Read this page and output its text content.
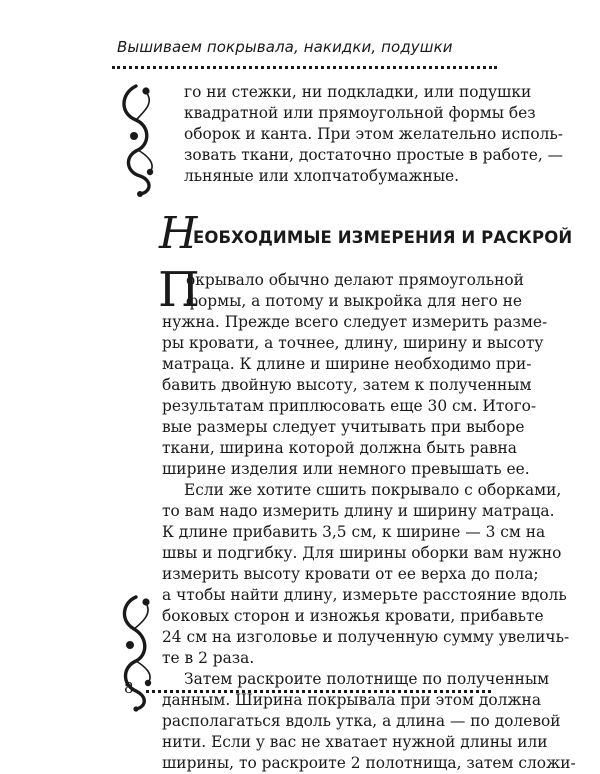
Вышиваем покрывала, накидки, подушки
го ни стежки, ни подкладки, или подушки
квадратной или прямоугольной формы без
оборок и канта. При этом желательно исполь-
зовать ткани, достаточно простые в работе, —
льняные или хлопчатобумажные.
Н
ЕОБХОДИМЫЕ ИЗМЕРЕНИЯ И РАСКРОЙ
П
окрывало обычно делают прямоугольной
формы, а потому и выкройка для него не
нужна. Прежде всего следует измерить разме-
ры кровати, а точнее, длину, ширину и высоту
матраца. К длине и ширине необходимо при-
бавить двойную высоту, затем к полученным
результатам приплюсовать еще 30 см. Итого-
вые размеры следует учитывать при выборе
ткани, ширина которой должна быть равна
ширине изделия или немного превышать ее.
Если же хотите сшить покрывало с оборками,
то вам надо измерить длину и ширину матраца.
К длине прибавить 3,5 см, к ширине — 3 см на
швы и подгибку. Для ширины оборки вам нужно
измерить высоту кровати от ее верха до пола;
а чтобы найти длину, измерьте расстояние вдоль
боковых сторон и изножья кровати, прибавьте
24 см на изголовье и полученную сумму увеличь-
те в 2 раза.
Затем раскроите полотнище по полученным
данным. Ширина покрывала при этом должна
располагаться вдоль утка, а длина — по долевой
нити. Если у вас не хватает нужной длины или
ширины, то раскроите 2 полотнища, затем сложи-
8
